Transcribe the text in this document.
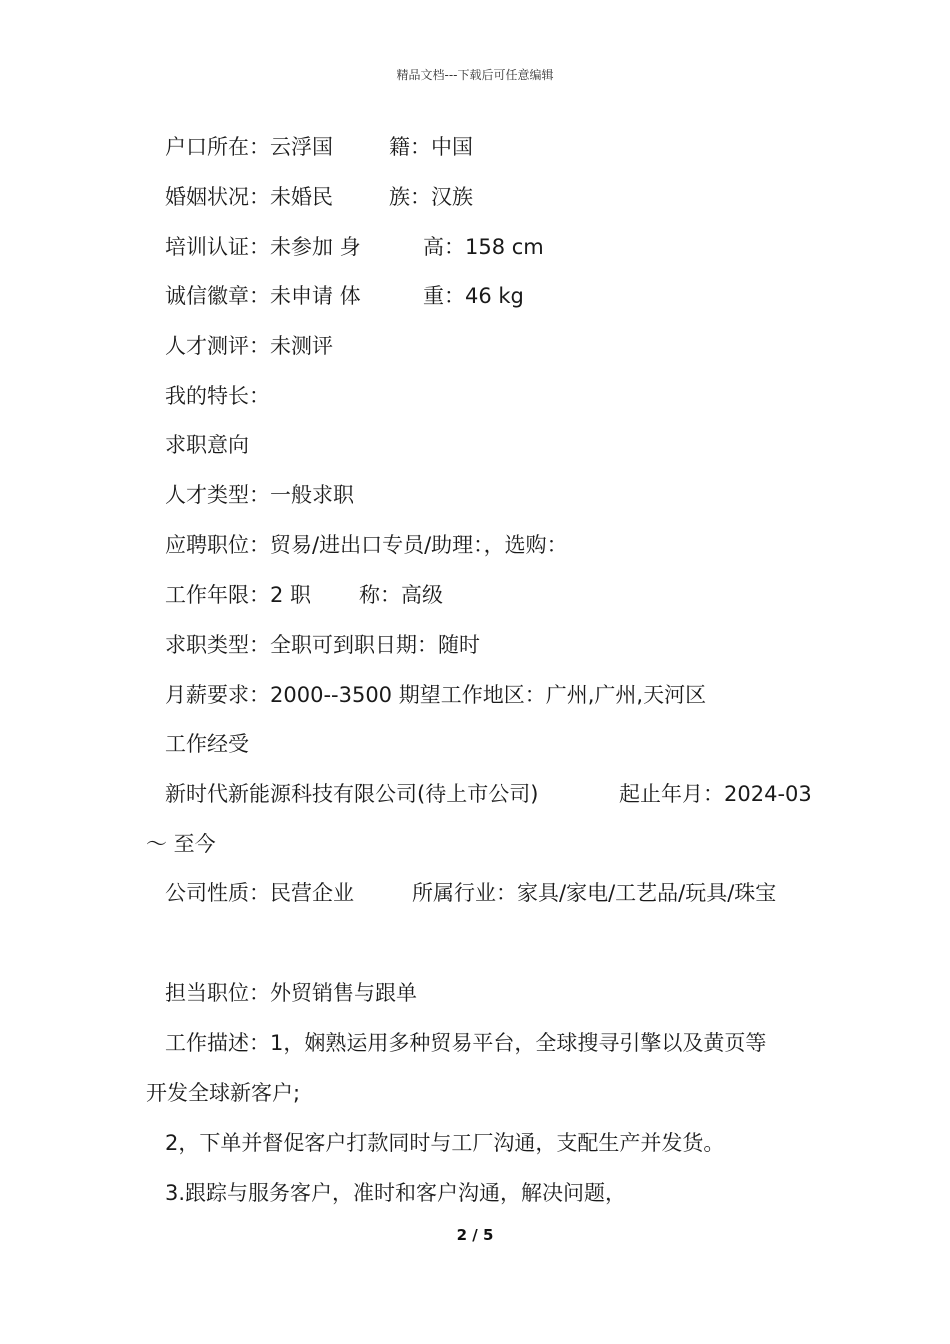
精品文档---下载后可任意编辑
户口所在：云浮国	籍：中国
婚姻状况：未婚民	族：汉族
培训认证：未参加 身	高：158 cm
诚信徽章：未申请 体	重：46 kg
人才测评：未测评
我的特长：
求职意向
人才类型：一般求职
应聘职位：贸易/进出口专员/助理：，选购：
工作年限：2 职 称：高级
求职类型：全职可到职日期：随时
月薪要求：2000--3500 期望工作地区：广州,广州,天河区
工作经受
新时代新能源科技有限公司(待上市公司)	起止年月：2024-03
～ 至今
公司性质：民营企业	所属行业：家具/家电/工艺品/玩具/珠宝
担当职位：外贸销售与跟单
工作描述：1，娴熟运用多种贸易平台，全球搜寻引擎以及黄页等
开发全球新客户;
2，下单并督促客户打款同时与工厂沟通，支配生产并发货。
3.跟踪与服务客户，准时和客户沟通，解决问题，
2 / 5
